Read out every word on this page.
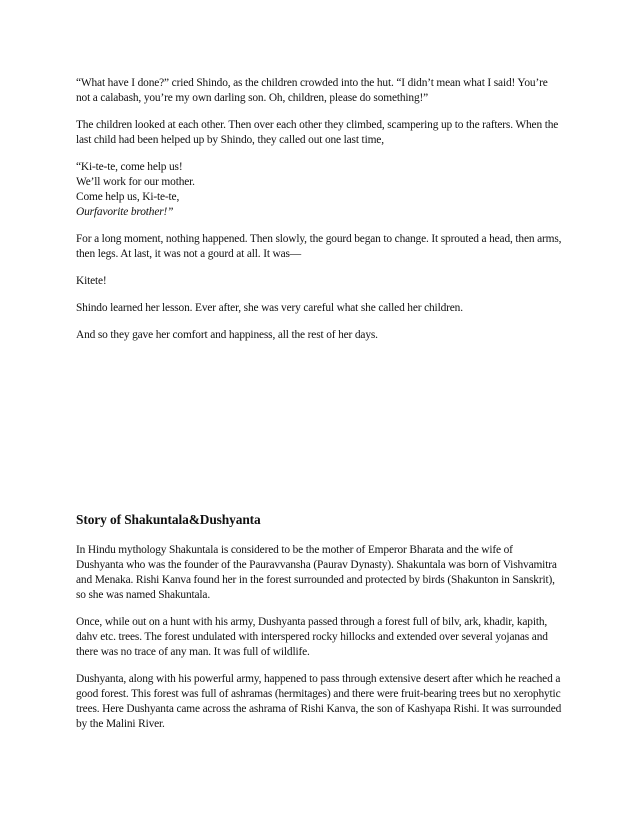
“What have I done?” cried Shindo, as the children crowded into the hut. “I didn’t mean what I said! You’re not a calabash, you’re my own darling son. Oh, children, please do something!”

The children looked at each other. Then over each other they climbed, scampering up to the rafters. When the last child had been helped up by Shindo, they called out one last time,

“Ki-te-te, come help us!
We’ll work for our mother.
Come help us, Ki-te-te,
Ourfavorite brother!”

For a long moment, nothing happened. Then slowly, the gourd began to change. It sprouted a head, then arms, then legs. At last, it was not a gourd at all. It was—

Kitete!

Shindo learned her lesson. Ever after, she was very careful what she called her children.

And so they gave her comfort and happiness, all the rest of her days.

Story of Shakuntala&Dushyanta

In Hindu mythology Shakuntala is considered to be the mother of Emperor Bharata and the wife of Dushyanta who was the founder of the Pauravvansha (Paurav Dynasty). Shakuntala was born of Vishvamitra and Menaka. Rishi Kanva found her in the forest surrounded and protected by birds (Shakunton in Sanskrit), so she was named Shakuntala.

Once, while out on a hunt with his army, Dushyanta passed through a forest full of bilv, ark, khadir, kapith, dahv etc. trees. The forest undulated with interspered rocky hillocks and extended over several yojanas and there was no trace of any man. It was full of wildlife.

Dushyanta, along with his powerful army, happened to pass through extensive desert after which he reached a good forest. This forest was full of ashramas (hermitages) and there were fruit-bearing trees but no xerophytic trees. Here Dushyanta came across the ashrama of Rishi Kanva, the son of Kashyapa Rishi. It was surrounded by the Malini River.
